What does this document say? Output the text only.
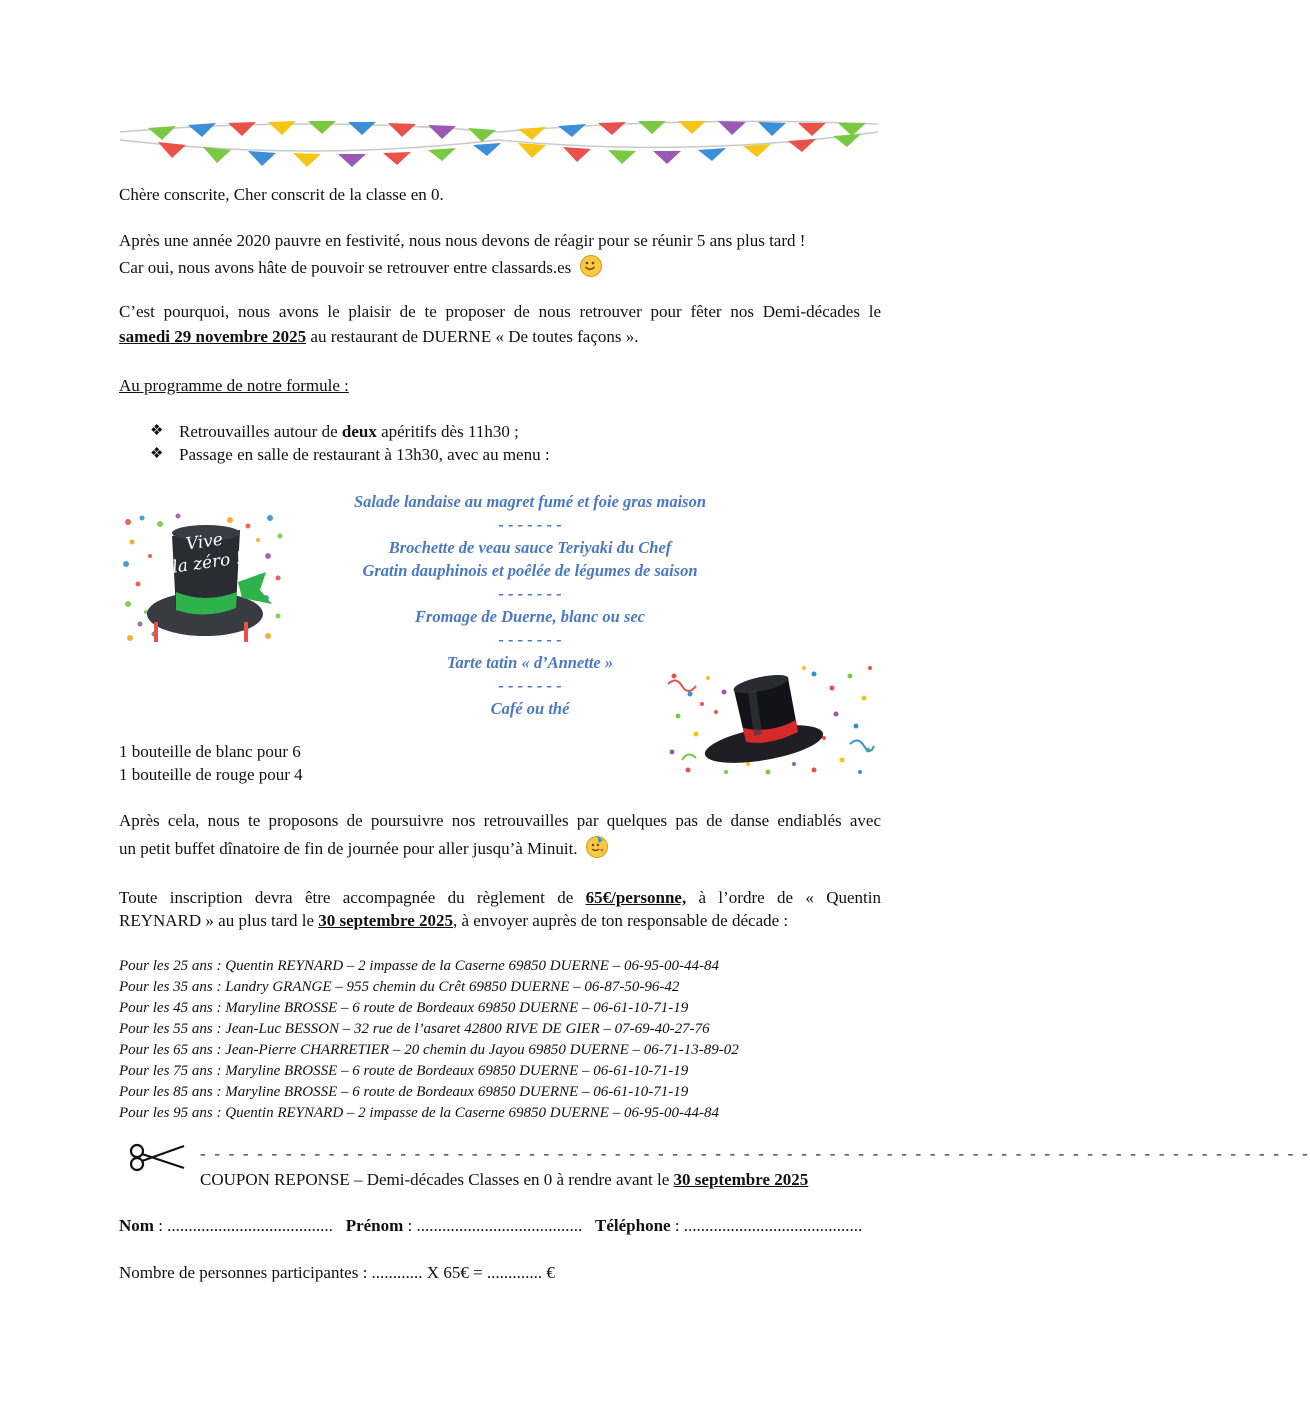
Chère conscrite, Cher conscrit de la classe en 0.
Après une année 2020 pauvre en festivité, nous nous devons de réagir pour se réunir 5 ans plus tard !
Car oui, nous avons hâte de pouvoir se retrouver entre classards.es
C’est pourquoi, nous avons le plaisir de te proposer de nous retrouver pour fêter nos Demi-décades le
samedi 29 novembre 2025 au restaurant de DUERNE « De toutes façons ».
Au programme de notre formule :
❖ Retrouvailles autour de deux apéritifs dès 11h30 ;
❖ Passage en salle de restaurant à 13h30, avec au menu :
Salade landaise au magret fumé et foie gras maison
- - - - - - -
Brochette de veau sauce Teriyaki du Chef
Gratin dauphinois et poêlée de légumes de saison
- - - - - - -
Fromage de Duerne, blanc ou sec
- - - - - - -
Tarte tatin « d’Annette »
- - - - - - -
Café ou thé
Vive
la zéro !
1 bouteille de blanc pour 6
1 bouteille de rouge pour 4
Après cela, nous te proposons de poursuivre nos retrouvailles par quelques pas de danse endiablés avec
un petit buffet dînatoire de fin de journée pour aller jusqu’à Minuit.
Toute inscription devra être accompagnée du règlement de 65€/personne, à l’ordre de « Quentin
REYNARD » au plus tard le 30 septembre 2025, à envoyer auprès de ton responsable de décade :
Pour les 25 ans : Quentin REYNARD – 2 impasse de la Caserne 69850 DUERNE – 06-95-00-44-84
Pour les 35 ans : Landry GRANGE – 955 chemin du Crêt 69850 DUERNE – 06-87-50-96-42
Pour les 45 ans : Maryline BROSSE – 6 route de Bordeaux 69850 DUERNE – 06-61-10-71-19
Pour les 55 ans : Jean-Luc BESSON – 32 rue de l’asaret 42800 RIVE DE GIER – 07-69-40-27-76
Pour les 65 ans : Jean-Pierre CHARRETIER – 20 chemin du Jayou 69850 DUERNE – 06-71-13-89-02
Pour les 75 ans : Maryline BROSSE – 6 route de Bordeaux 69850 DUERNE – 06-61-10-71-19
Pour les 85 ans : Maryline BROSSE – 6 route de Bordeaux 69850 DUERNE – 06-61-10-71-19
Pour les 95 ans : Quentin REYNARD – 2 impasse de la Caserne 69850 DUERNE – 06-95-00-44-84
- - - - - - - - - - - - - - - - - - - - - - - - - - - - - - - - - - - - - - - - - - - - - - - - - - - - - - - - - - - - - - - - - - - - - - - - - - - - - -
COUPON REPONSE – Demi-décades Classes en 0 à rendre avant le 30 septembre 2025
Nom : ....................................... Prénom : ....................................... Téléphone : ..........................................
Nombre de personnes participantes : ............ X 65€ = ............. €
